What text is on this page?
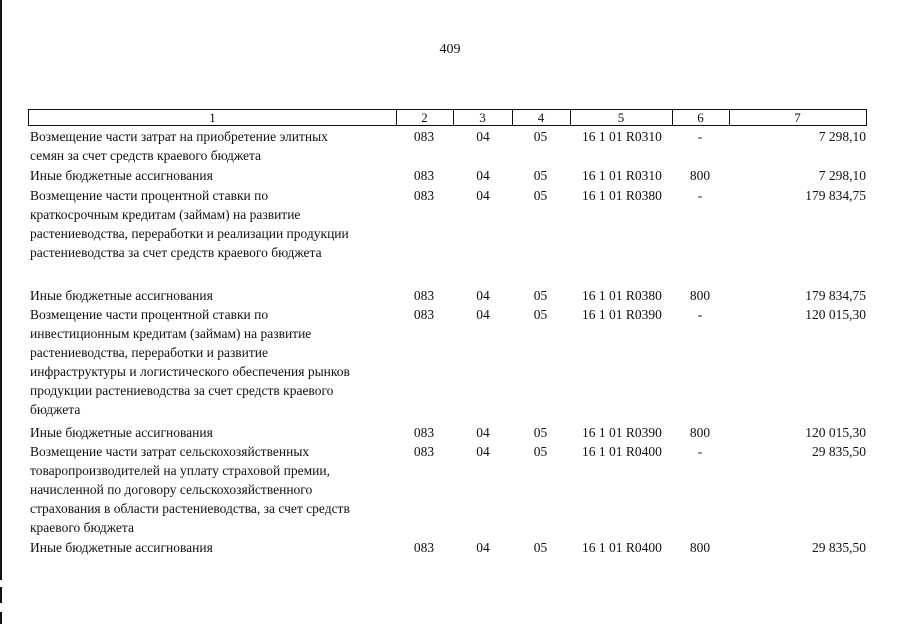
409
1	2	3	4	5	6	7
Возмещение части затрат на приобретение элитных
семян за счет средств краевого бюджета
083	04	05	16 1 01 R0310	-	7 298,10
Иные бюджетные ассигнования	083	04	05	16 1 01 R0310	800	7 298,10
Возмещение части процентной ставки по
краткосрочным кредитам (займам) на развитие
растениеводства, переработки и реализации продукции
растениеводства за счет средств краевого бюджета
083	04	05	16 1 01 R0380	-	179 834,75
Иные бюджетные ассигнования	083	04	05	16 1 01 R0380	800	179 834,75
Возмещение части процентной ставки по
инвестиционным кредитам (займам) на развитие
растениеводства, переработки и развитие
инфраструктуры и логистического обеспечения рынков
продукции растениеводства за счет средств краевого
бюджета
083	04	05	16 1 01 R0390	-	120 015,30
Иные бюджетные ассигнования	083	04	05	16 1 01 R0390	800	120 015,30
Возмещение части затрат сельскохозяйственных
товаропроизводителей на уплату страховой премии,
начисленной по договору сельскохозяйственного
страхования в области растениеводства, за счет средств
краевого бюджета
083	04	05	16 1 01 R0400	-	29 835,50
Иные бюджетные ассигнования	083	04	05	16 1 01 R0400	800	29 835,50
